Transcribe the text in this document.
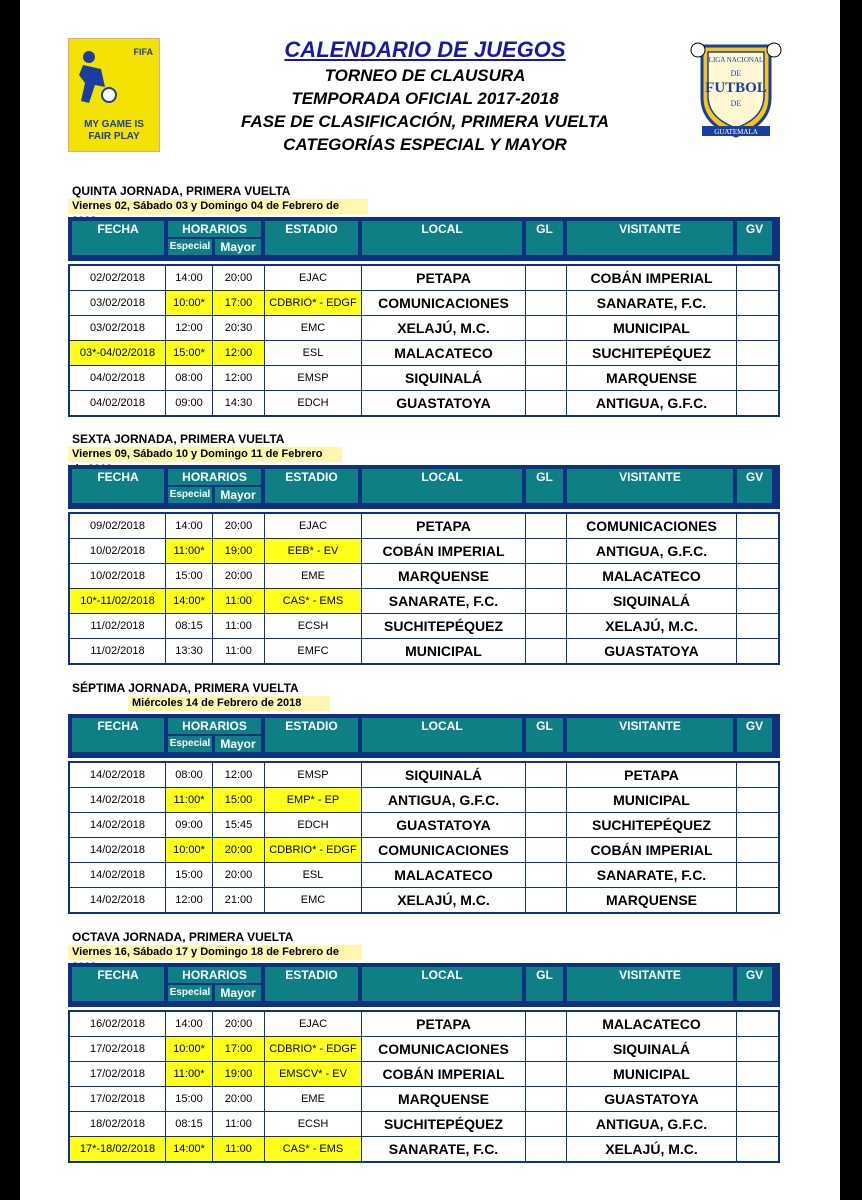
FIFA
MY GAME IS
FAIR PLAY
LIGA NACIONAL
DE
FUTBOL
DE
GUATEMALA
CALENDARIO DE JUEGOS
TORNEO DE CLAUSURA
TEMPORADA OFICIAL 2017-2018
FASE DE CLASIFICACIÓN, PRIMERA VUELTA
CATEGORÍAS ESPECIAL Y MAYOR
QUINTA JORNADA, PRIMERA VUELTA
Viernes 02, Sábado 03 y Domingo 04 de Febrero de
FECHA	HORARIOS
Especial Mayor
ESTADIO	LOCAL	GL	VISITANTE	GV
02/02/2018	14:00	20:00	EJAC	PETAPA	COBÁN IMPERIAL
03/02/2018	10:00*	17:00	CDBRIO* - EDGF	COMUNICACIONES	SANARATE, F.C.
03/02/2018	12:00	20:30	EMC	XELAJÚ, M.C.	MUNICIPAL
03*-04/02/2018	15:00*	12:00	ESL	MALACATECO	SUCHITEPÉQUEZ
04/02/2018	08:00	12:00	EMSP	SIQUINALÁ	MARQUENSE
04/02/2018	09:00	14:30	EDCH	GUASTATOYA	ANTIGUA, G.F.C.
SEXTA JORNADA, PRIMERA VUELTA
Viernes 09, Sábado 10 y Domingo 11 de Febrero
FECHA	HORARIOS
Especial Mayor
ESTADIO	LOCAL	GL	VISITANTE	GV
09/02/2018	14:00	20:00	EJAC	PETAPA	COMUNICACIONES
10/02/2018	11:00*	19:00	EEB* - EV	COBÁN IMPERIAL	ANTIGUA, G.F.C.
10/02/2018	15:00	20:00	EME	MARQUENSE	MALACATECO
10*-11/02/2018	14:00*	11:00	CAS* - EMS	SANARATE, F.C.	SIQUINALÁ
11/02/2018	08:15	11:00	ECSH	SUCHITEPÉQUEZ	XELAJÚ, M.C.
11/02/2018	13:30	11:00	EMFC	MUNICIPAL	GUASTATOYA
SÉPTIMA JORNADA, PRIMERA VUELTA
Miércoles 14 de Febrero de 2018
FECHA	HORARIOS
Especial Mayor
ESTADIO	LOCAL	GL	VISITANTE	GV
14/02/2018	08:00	12:00	EMSP	SIQUINALÁ	PETAPA
14/02/2018	11:00*	15:00	EMP* - EP	ANTIGUA, G.F.C.	MUNICIPAL
14/02/2018	09:00	15:45	EDCH	GUASTATOYA	SUCHITEPÉQUEZ
14/02/2018	10:00*	20:00	CDBRIO* - EDGF	COMUNICACIONES	COBÁN IMPERIAL
14/02/2018	15:00	20:00	ESL	MALACATECO	SANARATE, F.C.
14/02/2018	12:00	21:00	EMC	XELAJÚ, M.C.	MARQUENSE
OCTAVA JORNADA, PRIMERA VUELTA
Viernes 16, Sábado 17 y Domingo 18 de Febrero de
FECHA	HORARIOS
Especial Mayor
ESTADIO	LOCAL	GL	VISITANTE	GV
16/02/2018	14:00	20:00	EJAC	PETAPA	MALACATECO
17/02/2018	10:00*	17:00	CDBRIO* - EDGF	COMUNICACIONES	SIQUINALÁ
17/02/2018	11:00*	19:00	EMSCV* - EV	COBÁN IMPERIAL	MUNICIPAL
17/02/2018	15:00	20:00	EME	MARQUENSE	GUASTATOYA
18/02/2018	08:15	11:00	ECSH	SUCHITEPÉQUEZ	ANTIGUA, G.F.C.
17*-18/02/2018	14:00*	11:00	CAS* - EMS	SANARATE, F.C.	XELAJÚ, M.C.
